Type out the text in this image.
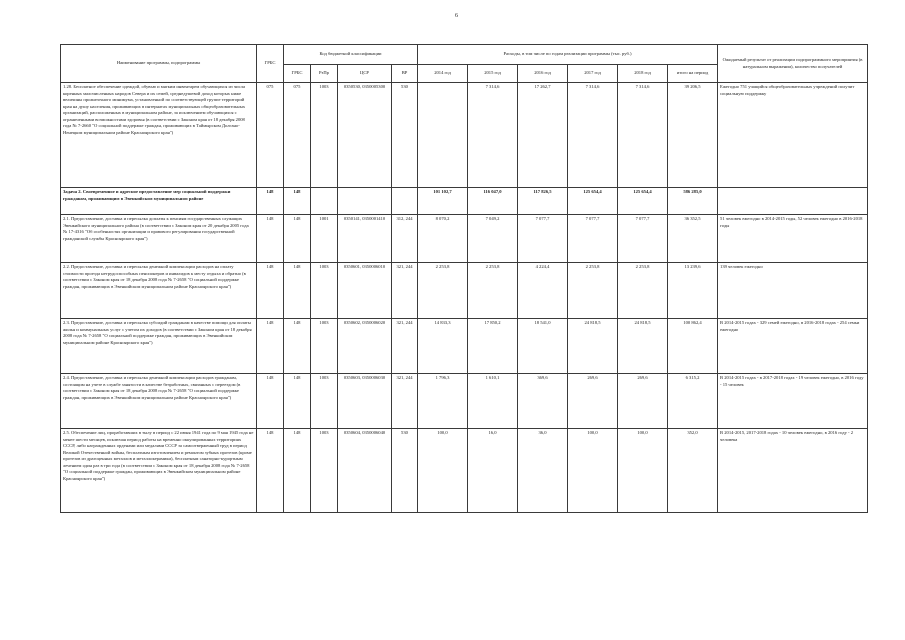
6
Наименование программы, подпрограммы	ГРБС	Код бюджетной классификации				Расходы, в том числе по годам реализации программы (тыс. руб.)						Ожидаемый результат от реализации подпрограммного мероприятия (в натуральном выражении), количество получателей
		ГРБС	РзПр	ЦСР	ВР	2014 год	2015 год	2016 год	2017 год	2018 год	итого на период	
1.28. Бесплатное обеспечение одеждой, обувью и мягким инвентарем обучающихся из числа коренных малочисленных народов Севера и их семей, среднедушевой доход которых ниже величины прожиточного минимума, установленной по соответствующей группе территорий края на душу населения, проживающих в интернатах муниципальных общеобразовательных организаций, расположенных в муниципальном районе, за исключением обучающихся с ограниченными возможностями здоровья (в соответствии с Законом края от 18 декабря 2008 года № 7-2660 "О социальной поддержке граждан, проживающих в Таймырском Долгано-Ненецком муниципальном районе Красноярского края")	075	075	1003	0350530, 0350005300	530		7 314,6	17 262,7	7 314,6	7 314,6	39 206,5	Ежегодно 751 учащийся общеобразовательных учреждений получит социальную поддержку
Задача 2. Своевременное и адресное предоставление мер социальной поддержки гражданам, проживающим в Эвенкийском муниципальном районе	148	148				101 102,7	116 047,0	117 826,5	125 654,4	125 654,4	586 285,0	
2.1. Предоставление, доставка и пересылка доплаты к пенсиям государственных служащих Эвенкийского муниципального района (в соответствии с Законом края от 20 декабря 2005 года № 17-4316 "Об особенностях организации и правового регулирования государственной гражданской службы Красноярского края")	148	148	1001	0350141, 0350001410	312, 244	8 070,2	7 049,2	7 077,7	7 077,7	7 077,7	36 352,5	51 человек ежегодно в 2014-2015 годы, 52 человек ежегодно в 2016-2018 годы
2.2. Предоставление, доставка и пересылка денежной компенсации расходов на оплату стоимости проезда нетрудоспособных пенсионеров и инвалидов к месту отдыха и обратно (в соответствии с Законом края от 18 декабря 2008 года № 7-2658 "О социальной поддержке граждан, проживающих в Эвенкийском муниципальном районе Красноярского края")	148	148	1003	0350601, 0350006010	321, 244	2 253,8	2 253,8	4 224,4	2 253,8	2 253,8	13 239,6	139 человек ежегодно
2.3. Предоставление, доставка и пересылка субсидий гражданам в качестве помощи для оплаты жилья и коммунальных услуг с учетом их доходов (в соответствии с Законом края от 18 декабря 2008 года № 7-2658 "О социальной поддержке граждан, проживающих в Эвенкийском муниципальном районе Красноярского края")	148	148	1003	0350602, 0350006020	321, 244	14 833,3	17 850,2	18 541,0	24 818,5	24 818,5	100 862,4	В 2014-2015 годах - 329 семей ежегодно, в 2016-2018 годах - 254 семьи ежегодно
2.4. Предоставление, доставка и пересылка денежной компенсации расходов гражданам, состоящим на учете в службе занятости в качестве безработных, связанных с переездом (в соответствии с Законом края от 18 декабря 2008 года № 7-2658 "О социальной поддержке граждан, проживающих в Эвенкийском муниципальном районе Красноярского края")	148	148	1003	0350603, 0350006030	321, 244	1 796,3	1 610,1	369,6	269,6	269,6	6 315,2	В 2014-2015 годах - в 2017-2018 годах - 19 человек ежегодно, в 2016 году - 15 человек
2.5. Обеспечение лиц, проработавших в тылу в период с 22 июня 1941 года по 9 мая 1945 года не менее шести месяцев, исключая период работы на временно оккупированных территориях СССР, либо награжденных орденами или медалями СССР за самоотверженный труд в период Великой Отечественной войны, бесплатным изготовлением и ремонтом зубных протезов (кроме протезов из драгоценных металлов и металлокерамики), бесплатным санаторно-курортным лечением один раз в три года (в соответствии с Законом края от 18 декабря 2008 года № 7-2658 "О социальной поддержке граждан, проживающих в Эвенкийском муниципальном районе Красноярского края")	148	148	1003	0350604, 0350006040	530	100,0	16,0	36,0	100,0	100,0	352,0	В 2014-2015, 2017-2018 годах - 10 человек ежегодно, в 2016 году - 2 человека
